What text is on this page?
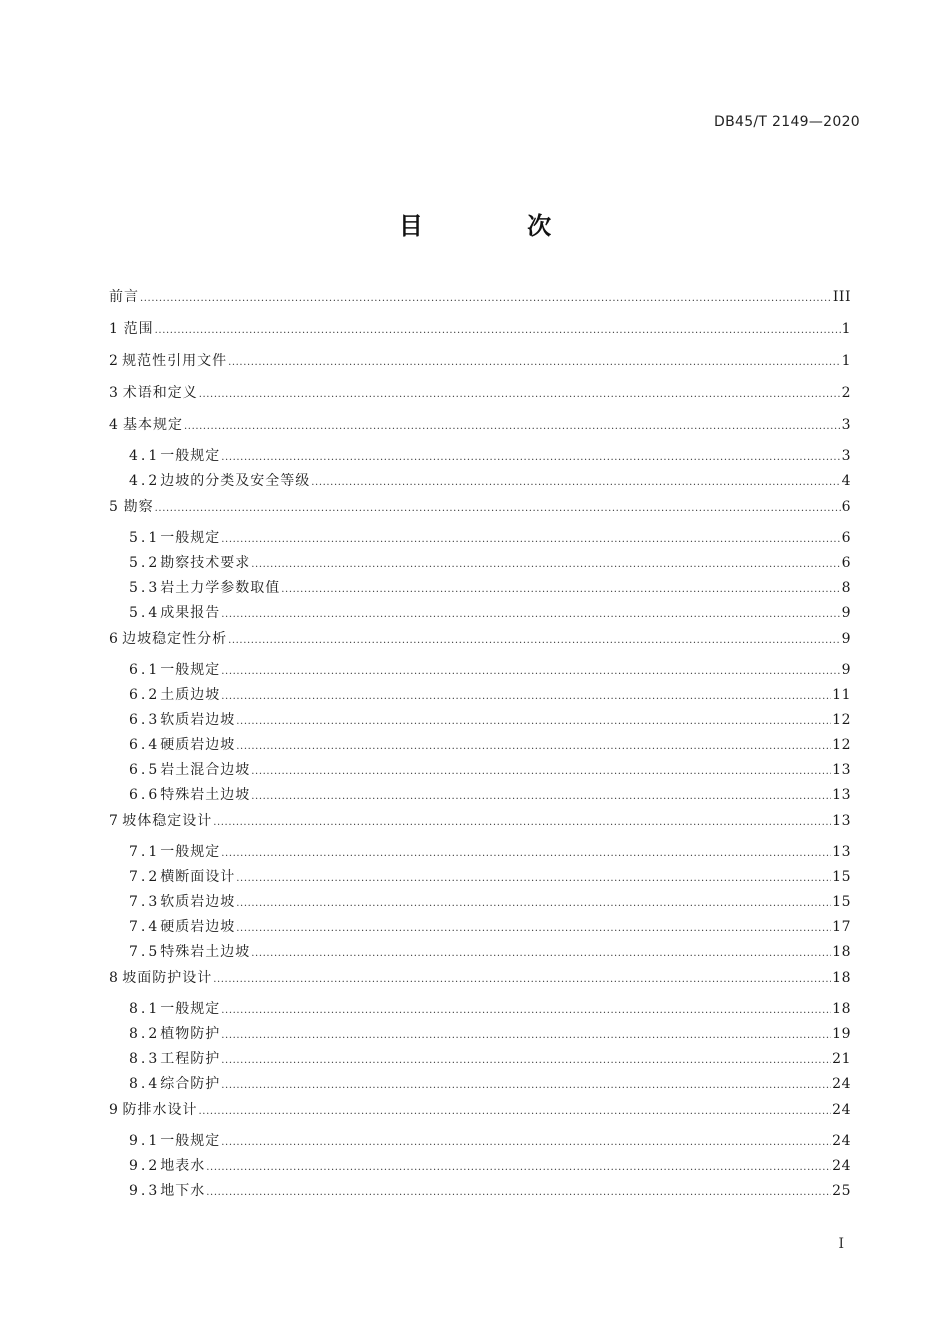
DB45/T 2149—2020
目 次
前言 .....	III
1 范围 .....	1
2 规范性引用文件 .....	1
3 术语和定义 .....	2
4 基本规定 .....	3
4.1 一般规定 .....	3
4.2 边坡的分类及安全等级 .....	4
5 勘察 .....	6
5.1 一般规定 .....	6
5.2 勘察技术要求 .....	6
5.3 岩土力学参数取值 .....	8
5.4 成果报告 .....	9
6 边坡稳定性分析 .....	9
6.1 一般规定 .....	9
6.2 土质边坡 .....	11
6.3 软质岩边坡 .....	12
6.4 硬质岩边坡 .....	12
6.5 岩土混合边坡 .....	13
6.6 特殊岩土边坡 .....	13
7 坡体稳定设计 .....	13
7.1 一般规定 .....	13
7.2 横断面设计 .....	15
7.3 软质岩边坡 .....	15
7.4 硬质岩边坡 .....	17
7.5 特殊岩土边坡 .....	18
8 坡面防护设计 .....	18
8.1 一般规定 .....	18
8.2 植物防护 .....	19
8.3 工程防护 .....	21
8.4 综合防护 .....	24
9 防排水设计 .....	24
9.1 一般规定 .....	24
9.2 地表水 .....	24
9.3 地下水 .....	25
I
